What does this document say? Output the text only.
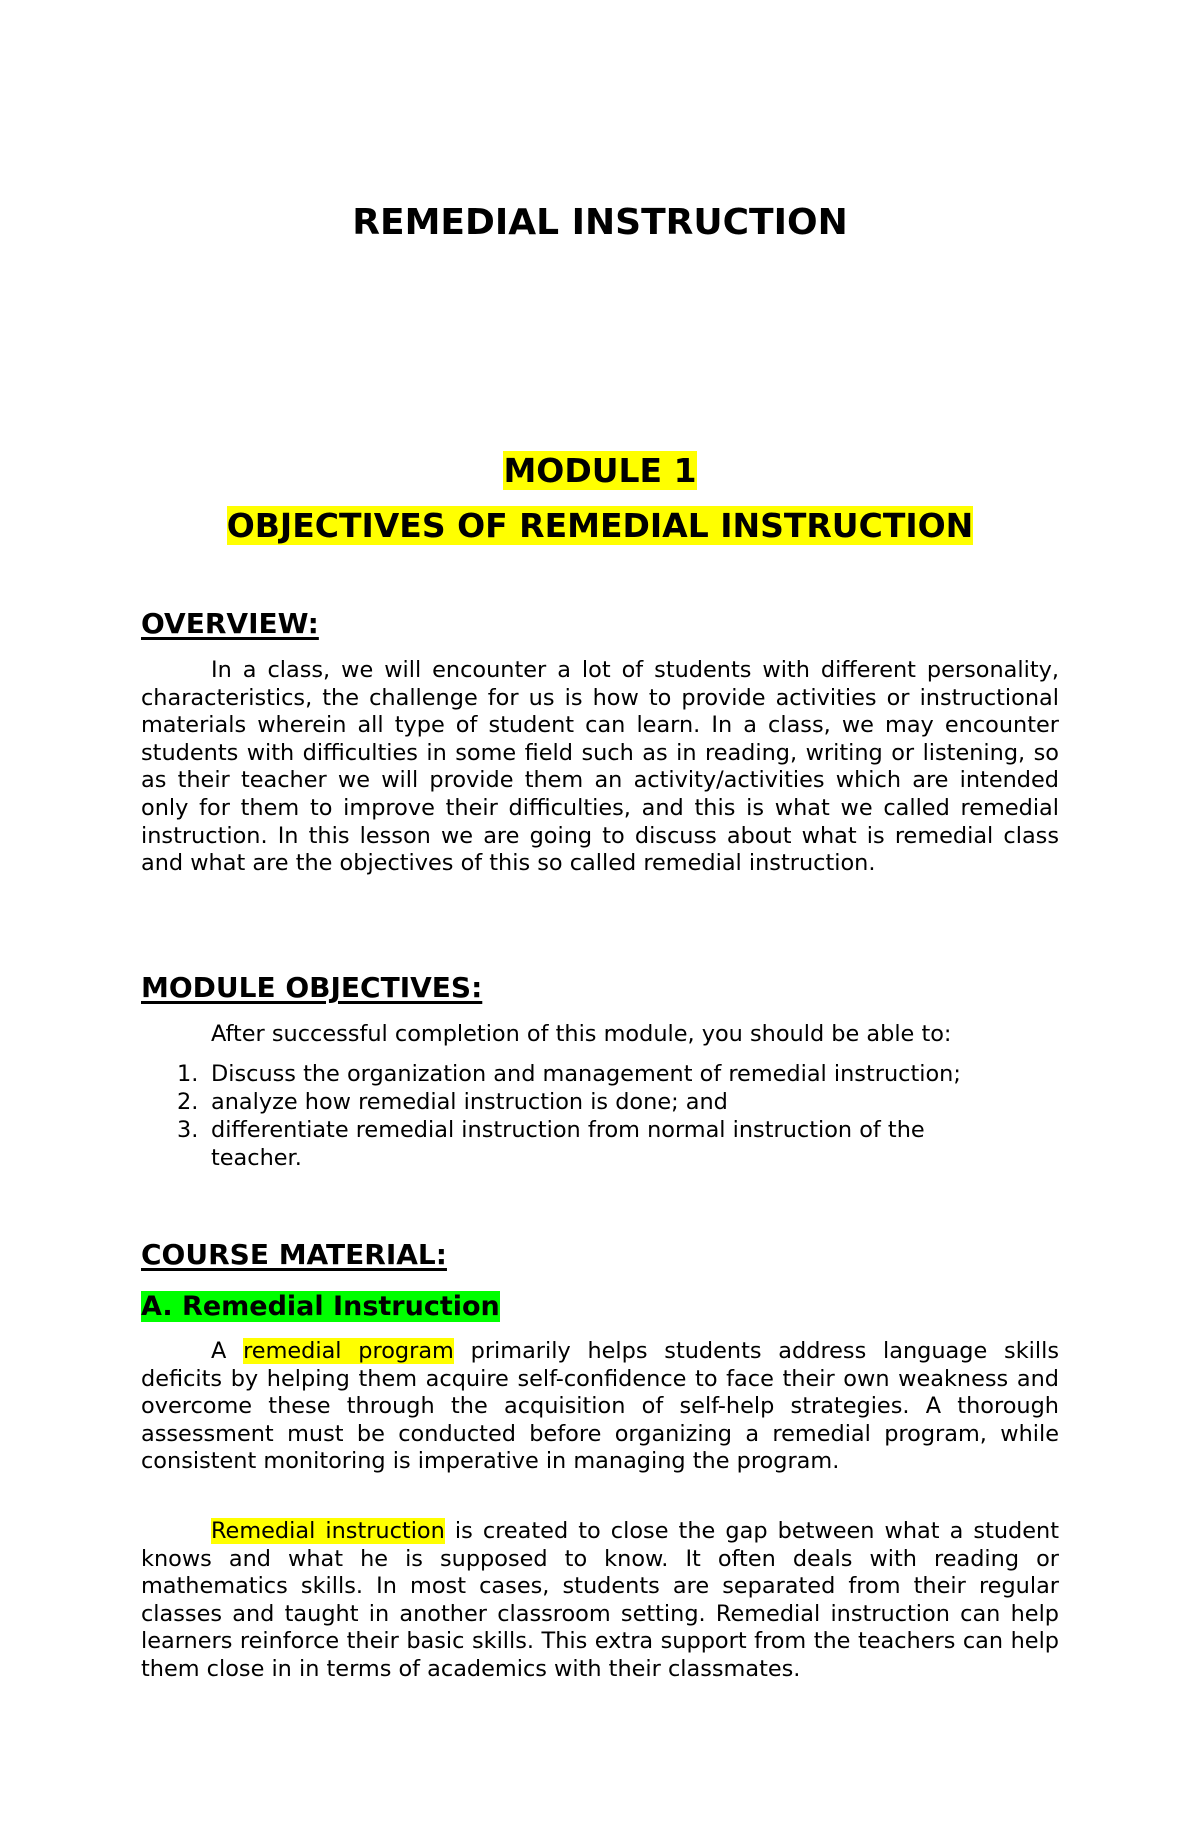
REMEDIAL INSTRUCTION
MODULE 1
OBJECTIVES OF REMEDIAL INSTRUCTION
OVERVIEW:

In a class, we will encounter a lot of students with different personality, characteristics, the challenge for us is how to provide activities or instructional materials wherein all type of student can learn. In a class, we may encounter students with difficulties in some field such as in reading, writing or listening, so as their teacher we will provide them an activity/activities which are intended only for them to improve their difficulties, and this is what we called remedial instruction. In this lesson we are going to discuss about what is remedial class and what are the objectives of this so called remedial instruction.

MODULE OBJECTIVES:

After successful completion of this module, you should be able to:

1. Discuss the organization and management of remedial instruction;
2. analyze how remedial instruction is done; and
3. differentiate remedial instruction from normal instruction of the teacher.
COURSE MATERIAL:
A. Remedial Instruction

A remedial program primarily helps students address language skills deficits by helping them acquire self-confidence to face their own weakness and overcome these through the acquisition of self-help strategies. A thorough assessment must be conducted before organizing a remedial program, while consistent monitoring is imperative in managing the program.

Remedial instruction is created to close the gap between what a student knows and what he is supposed to know. It often deals with reading or mathematics skills. In most cases, students are separated from their regular classes and taught in another classroom setting. Remedial instruction can help learners reinforce their basic skills. This extra support from the teachers can help them close in in terms of academics with their classmates.
